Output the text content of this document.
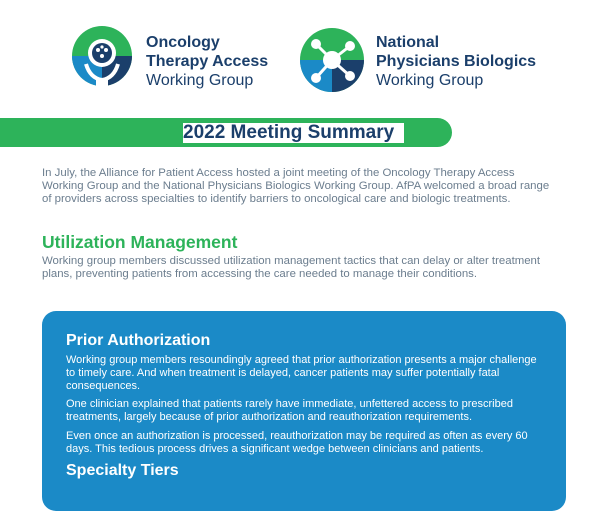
Oncology
Therapy Access
Working Group
National
Physicians Biologics
Working Group
2022 Meeting Summary

In July, the Alliance for Patient Access hosted a joint meeting of the Oncology Therapy Access Working Group and the National Physicians Biologics Working Group. AfPA welcomed a broad range of providers across specialties to identify barriers to oncological care and biologic treatments.

Utilization Management

Working group members discussed utilization management tactics that can delay or alter treatment plans, preventing patients from accessing the care needed to manage their conditions.

Prior Authorization

Working group members resoundingly agreed that prior authorization presents a major challenge to timely care. And when treatment is delayed, cancer patients may suffer potentially fatal consequences.

One clinician explained that patients rarely have immediate, unfettered access to prescribed treatments, largely because of prior authorization and reauthorization requirements.

Even once an authorization is processed, reauthorization may be required as often as every 60 days. This tedious process drives a significant wedge between clinicians and patients.

Specialty Tiers
